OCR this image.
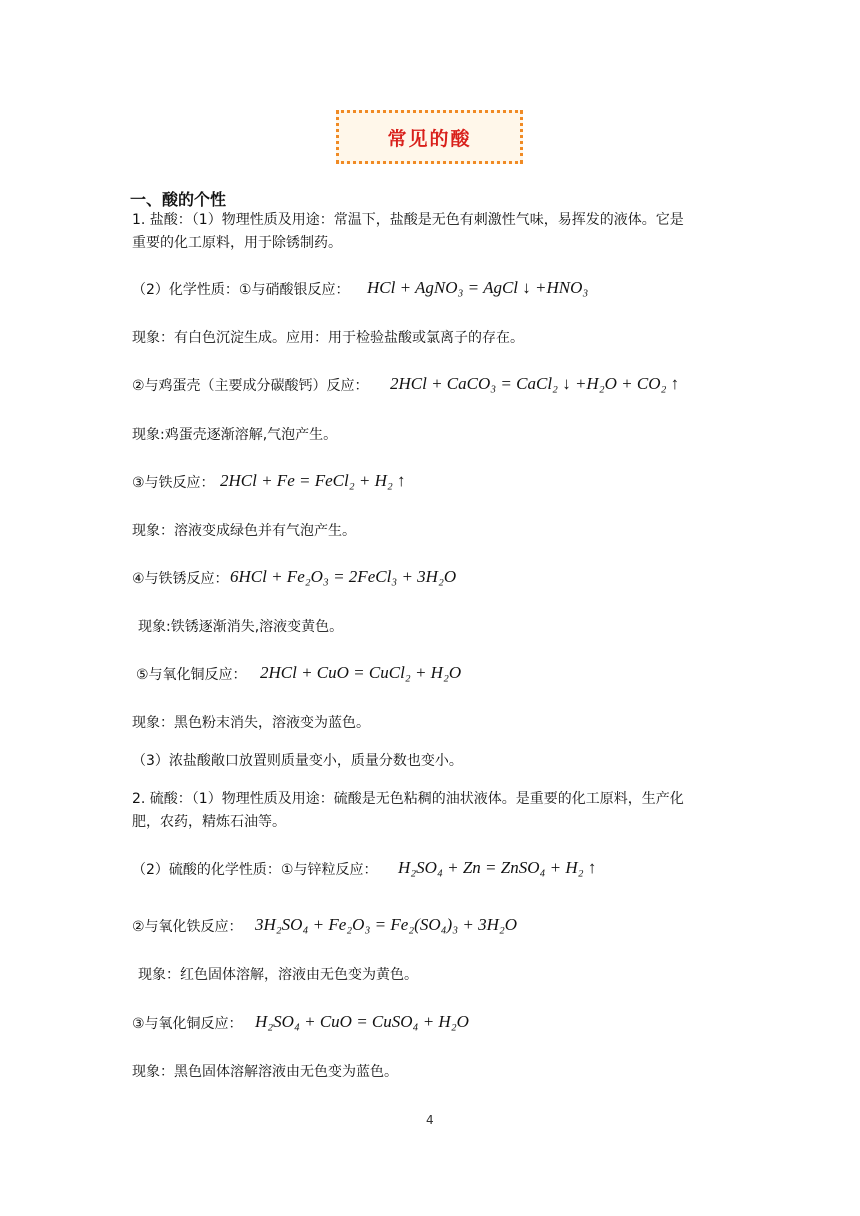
常见的酸
一、酸的个性
1. 盐酸：（1）物理性质及用途：常温下，盐酸是无色有刺激性气味，易挥发的液体。它是
重要的化工原料，用于除锈制药。
（2）化学性质：①与硝酸银反应： HCl + AgNO₃ = AgCl ↓ +HNO₃
现象：有白色沉淀生成。应用：用于检验盐酸或氯离子的存在。
②与鸡蛋壳（主要成分碳酸钙）反应： 2HCl + CaCO₃ = CaCl₂ ↓ +H₂O + CO₂ ↑
现象:鸡蛋壳逐渐溶解,气泡产生。
③与铁反应： 2HCl + Fe = FeCl₂ + H₂ ↑
现象：溶液变成绿色并有气泡产生。
④与铁锈反应： 6HCl + Fe₂O₃ = 2FeCl₃ + 3H₂O
现象:铁锈逐渐消失,溶液变黄色。
⑤与氧化铜反应： 2HCl + CuO = CuCl₂ + H₂O
现象：黑色粉末消失，溶液变为蓝色。
（3）浓盐酸敞口放置则质量变小，质量分数也变小。
2. 硫酸：（1）物理性质及用途：硫酸是无色粘稠的油状液体。是重要的化工原料，生产化
肥，农药，精炼石油等。
（2）硫酸的化学性质：①与锌粒反应： H₂SO₄ + Zn = ZnSO₄ + H₂ ↑
②与氧化铁反应： 3H₂SO₄ + Fe₂O₃ = Fe₂(SO₄)₃ + 3H₂O
现象：红色固体溶解，溶液由无色变为黄色。
③与氧化铜反应： H₂SO₄ + CuO = CuSO₄ + H₂O
现象：黑色固体溶解溶液由无色变为蓝色。
4
